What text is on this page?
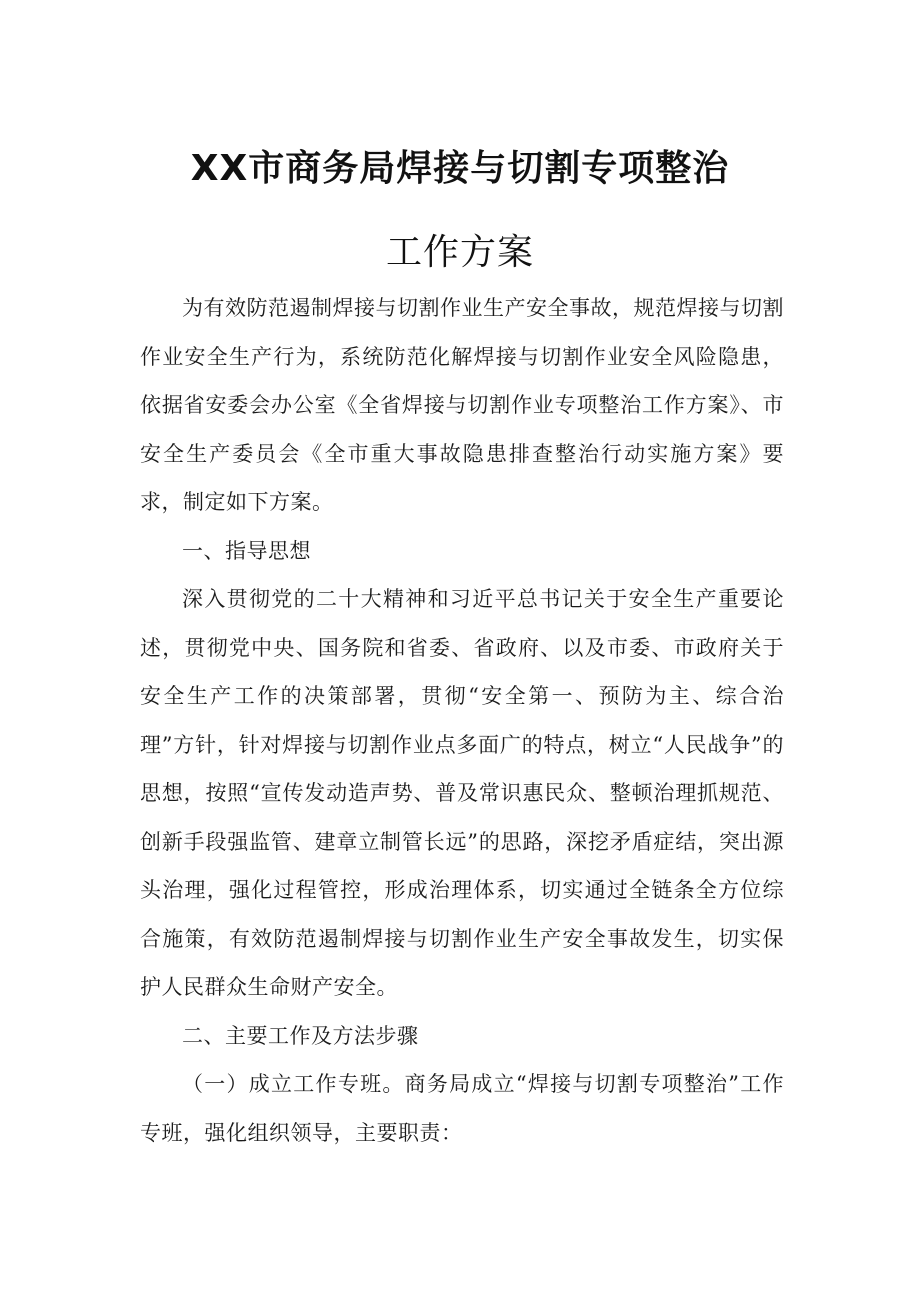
XX市商务局焊接与切割专项整治
工作方案

为有效防范遏制焊接与切割作业生产安全事故，规范焊接与切割作业安全生产行为，系统防范化解焊接与切割作业安全风险隐患，依据省安委会办公室《全省焊接与切割作业专项整治工作方案》、市安全生产委员会《全市重大事故隐患排查整治行动实施方案》要求，制定如下方案。

一、指导思想

深入贯彻党的二十大精神和习近平总书记关于安全生产重要论述，贯彻党中央、国务院和省委、省政府、以及市委、市政府关于安全生产工作的决策部署，贯彻“安全第一、预防为主、综合治理”方针，针对焊接与切割作业点多面广的特点，树立“人民战争”的思想，按照“宣传发动造声势、普及常识惠民众、整顿治理抓规范、创新手段强监管、建章立制管长远”的思路，深挖矛盾症结，突出源头治理，强化过程管控，形成治理体系，切实通过全链条全方位综合施策，有效防范遏制焊接与切割作业生产安全事故发生，切实保护人民群众生命财产安全。

二、主要工作及方法步骤

（一）成立工作专班。商务局成立“焊接与切割专项整治”工作专班，强化组织领导，主要职责：
